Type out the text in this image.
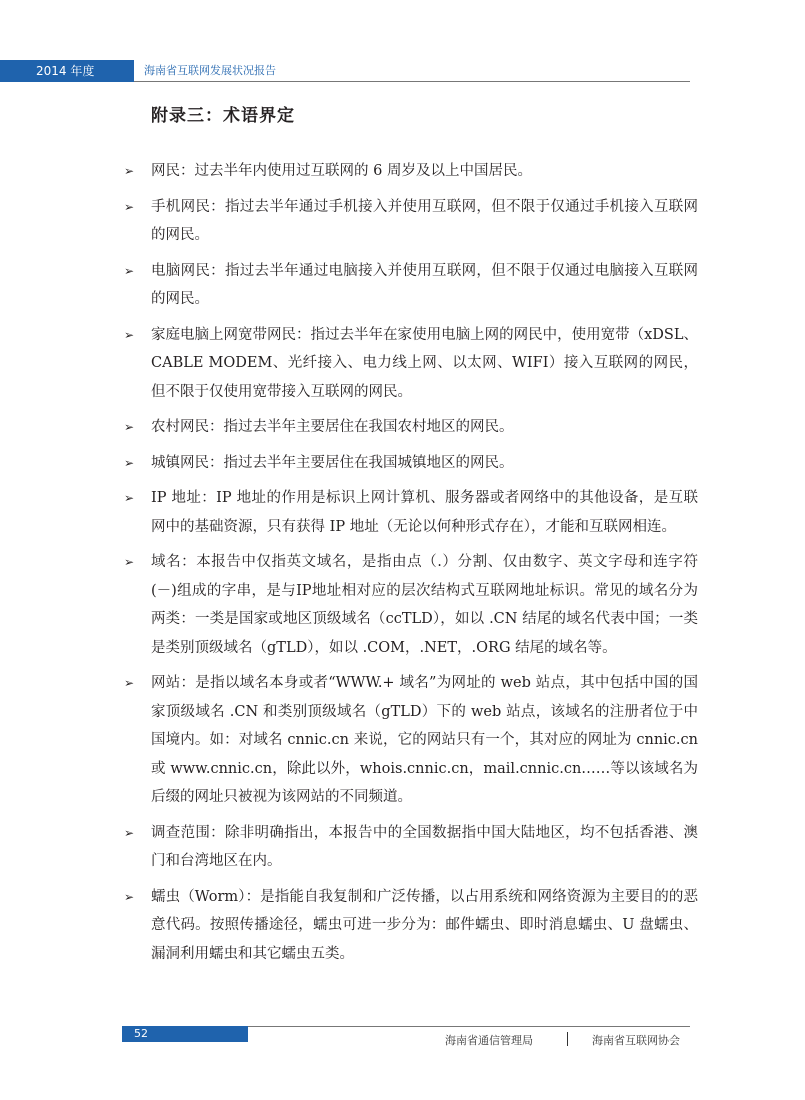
2014 年度	海南省互联网发展状况报告
附录三：术语界定
➢ 网民：过去半年内使用过互联网的 6 周岁及以上中国居民。
➢ 手机网民：指过去半年通过手机接入并使用互联网，但不限于仅通过手机接入互联网的网民。
➢ 电脑网民：指过去半年通过电脑接入并使用互联网，但不限于仅通过电脑接入互联网的网民。
➢ 家庭电脑上网宽带网民：指过去半年在家使用电脑上网的网民中，使用宽带（xDSL、CABLE MODEM、光纤接入、电力线上网、以太网、WIFI）接入互联网的网民，但不限于仅使用宽带接入互联网的网民。
➢ 农村网民：指过去半年主要居住在我国农村地区的网民。
➢ 城镇网民：指过去半年主要居住在我国城镇地区的网民。
➢ IP 地址：IP 地址的作用是标识上网计算机、服务器或者网络中的其他设备，是互联网中的基础资源，只有获得 IP 地址（无论以何种形式存在），才能和互联网相连。
➢ 域名：本报告中仅指英文域名，是指由点（.）分割、仅由数字、英文字母和连字符(－)组成的字串，是与IP地址相对应的层次结构式互联网地址标识。常见的域名分为两类：一类是国家或地区顶级域名（ccTLD），如以 .CN 结尾的域名代表中国；一类是类别顶级域名（gTLD），如以 .COM，.NET，.ORG 结尾的域名等。
➢ 网站：是指以域名本身或者“WWW.+ 域名”为网址的 web 站点，其中包括中国的国家顶级域名 .CN 和类别顶级域名（gTLD）下的 web 站点，该域名的注册者位于中国境内。如：对域名 cnnic.cn 来说，它的网站只有一个，其对应的网址为 cnnic.cn 或 www.cnnic.cn，除此以外，whois.cnnic.cn，mail.cnnic.cn……等以该域名为后缀的网址只被视为该网站的不同频道。
➢ 调查范围：除非明确指出，本报告中的全国数据指中国大陆地区，均不包括香港、澳门和台湾地区在内。
➢ 蠕虫（Worm）：是指能自我复制和广泛传播，以占用系统和网络资源为主要目的的恶意代码。按照传播途径，蠕虫可进一步分为：邮件蠕虫、即时消息蠕虫、U 盘蠕虫、漏洞利用蠕虫和其它蠕虫五类。
52
海南省通信管理局	海南省互联网协会
